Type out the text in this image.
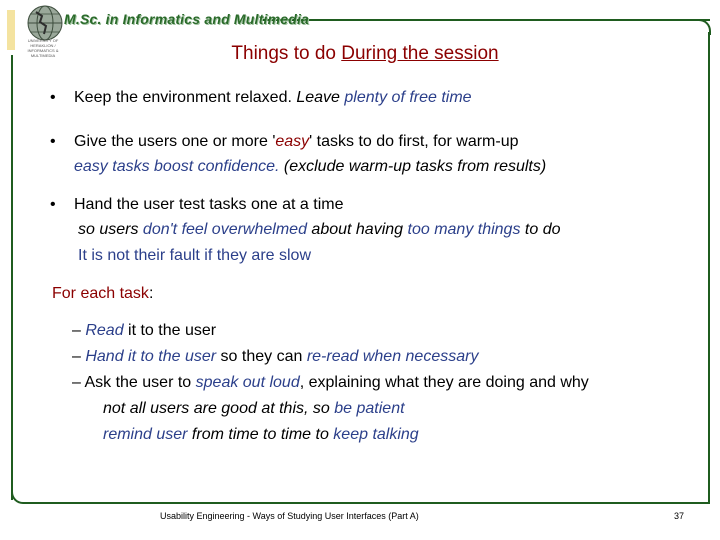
UNIVERSITY OF HERAKLION / INFORMATICS & MULTIMEDIA
M.Sc. in Informatics and Multimedia
Things to do During the session
• Keep the environment relaxed. Leave plenty of free time
• Give the users one or more 'easy' tasks to do first, for warm-up
easy tasks boost confidence. (exclude warm-up tasks from results)
• Hand the user test tasks one at a time
so users don't feel overwhelmed about having too many things to do
It is not their fault if they are slow
For each task:
– Read it to the user
– Hand it to the user so they can re-read when necessary
– Ask the user to speak out loud, explaining what they are doing and why
not all users are good at this, so be patient
remind user from time to time to keep talking
Usability Engineering - Ways of Studying User Interfaces (Part A)	37
